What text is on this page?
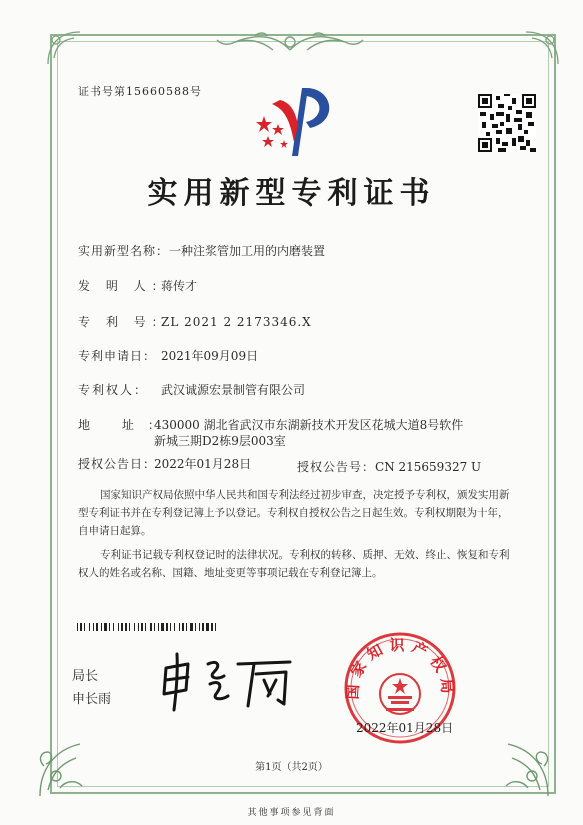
证书号第15660588号
实用新型专利证书
实用新型名称：一种注浆管加工用的内磨装置
发 明 人：蒋传才
专 利 号：ZL 2021 2 2173346.X
专利申请日： 2021年09月09日
专利权人： 武汉诚源宏景制管有限公司
地 址：430000 湖北省武汉市东湖新技术开发区花城大道8号软件
新城三期D2栋9层003室
授权公告日：2022年01月28日	授权公告号：CN 215659327 U

国家知识产权局依照中华人民共和国专利法经过初步审查，决定授予专利权，颁发实用新型专利证书并在专利登记簿上予以登记。专利权自授权公告之日起生效。专利权期限为十年，自申请日起算。

专利证书记载专利权登记时的法律状况。专利权的转移、质押、无效、终止、恢复和专利权人的姓名或名称、国籍、地址变更等事项记载在专利登记簿上。

局长
申长雨	国家知识产权局
2022年01月28日
第1页（共2页）
其他事项参见背面
